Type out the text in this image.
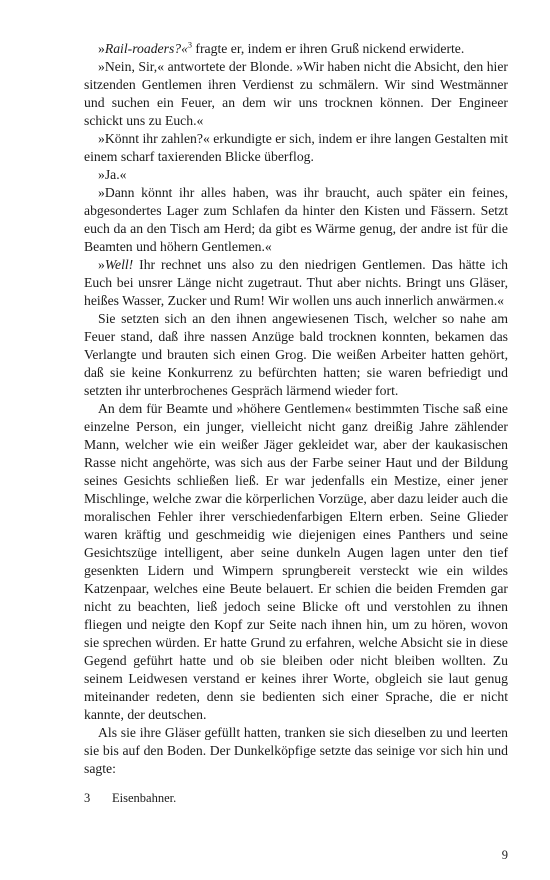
»Rail-roaders?«$^3$ fragte er, indem er ihren Gruß nickend erwiderte.

»Nein, Sir,« antwortete der Blonde. »Wir haben nicht die Absicht, den hier sitzenden Gentlemen ihren Verdienst zu schmälern. Wir sind Westmänner und suchen ein Feuer, an dem wir uns trocknen können. Der Engineer schickt uns zu Euch.«

»Könnt ihr zahlen?« erkundigte er sich, indem er ihre langen Gestalten mit einem scharf taxierenden Blicke überflog.

»Ja.«

»Dann könnt ihr alles haben, was ihr braucht, auch später ein feines, abgesondertes Lager zum Schlafen da hinter den Kisten und Fässern. Setzt euch da an den Tisch am Herd; da gibt es Wärme genug, der andre ist für die Beamten und höhern Gentlemen.«

»Well! Ihr rechnet uns also zu den niedrigen Gentlemen. Das hätte ich Euch bei unsrer Länge nicht zugetraut. Thut aber nichts. Bringt uns Gläser, heißes Wasser, Zucker und Rum! Wir wollen uns auch innerlich anwärmen.«

Sie setzten sich an den ihnen angewiesenen Tisch, welcher so nahe am Feuer stand, daß ihre nassen Anzüge bald trocknen konnten, bekamen das Verlangte und brauten sich einen Grog. Die weißen Arbeiter hatten gehört, daß sie keine Konkurrenz zu befürchten hatten; sie waren befriedigt und setzten ihr unterbrochenes Gespräch lärmend wieder fort.

An dem für Beamte und »höhere Gentlemen« bestimmten Tische saß eine einzelne Person, ein junger, vielleicht nicht ganz dreißig Jahre zählender Mann, welcher wie ein weißer Jäger gekleidet war, aber der kaukasischen Rasse nicht angehörte, was sich aus der Farbe seiner Haut und der Bildung seines Gesichts schließen ließ. Er war jedenfalls ein Mestize, einer jener Mischlinge, welche zwar die körperlichen Vorzüge, aber dazu leider auch die moralischen Fehler ihrer verschiedenfarbigen Eltern erben. Seine Glieder waren kräftig und geschmeidig wie diejenigen eines Panthers und seine Gesichtszüge intelligent, aber seine dunkeln Augen lagen unter den tief gesenkten Lidern und Wimpern sprungbereit versteckt wie ein wildes Katzenpaar, welches eine Beute belauert. Er schien die beiden Fremden gar nicht zu beachten, ließ jedoch seine Blicke oft und verstohlen zu ihnen fliegen und neigte den Kopf zur Seite nach ihnen hin, um zu hören, wovon sie sprechen würden. Er hatte Grund zu erfahren, welche Absicht sie in diese Gegend geführt hatte und ob sie bleiben oder nicht bleiben wollten. Zu seinem Leidwesen verstand er keines ihrer Worte, obgleich sie laut genug miteinander redeten, denn sie bedienten sich einer Sprache, die er nicht kannte, der deutschen.

Als sie ihre Gläser gefüllt hatten, tranken sie sich dieselben zu und leerten sie bis auf den Boden. Der Dunkelköpfige setzte das seinige vor sich hin und sagte:

3	Eisenbahner.
9
